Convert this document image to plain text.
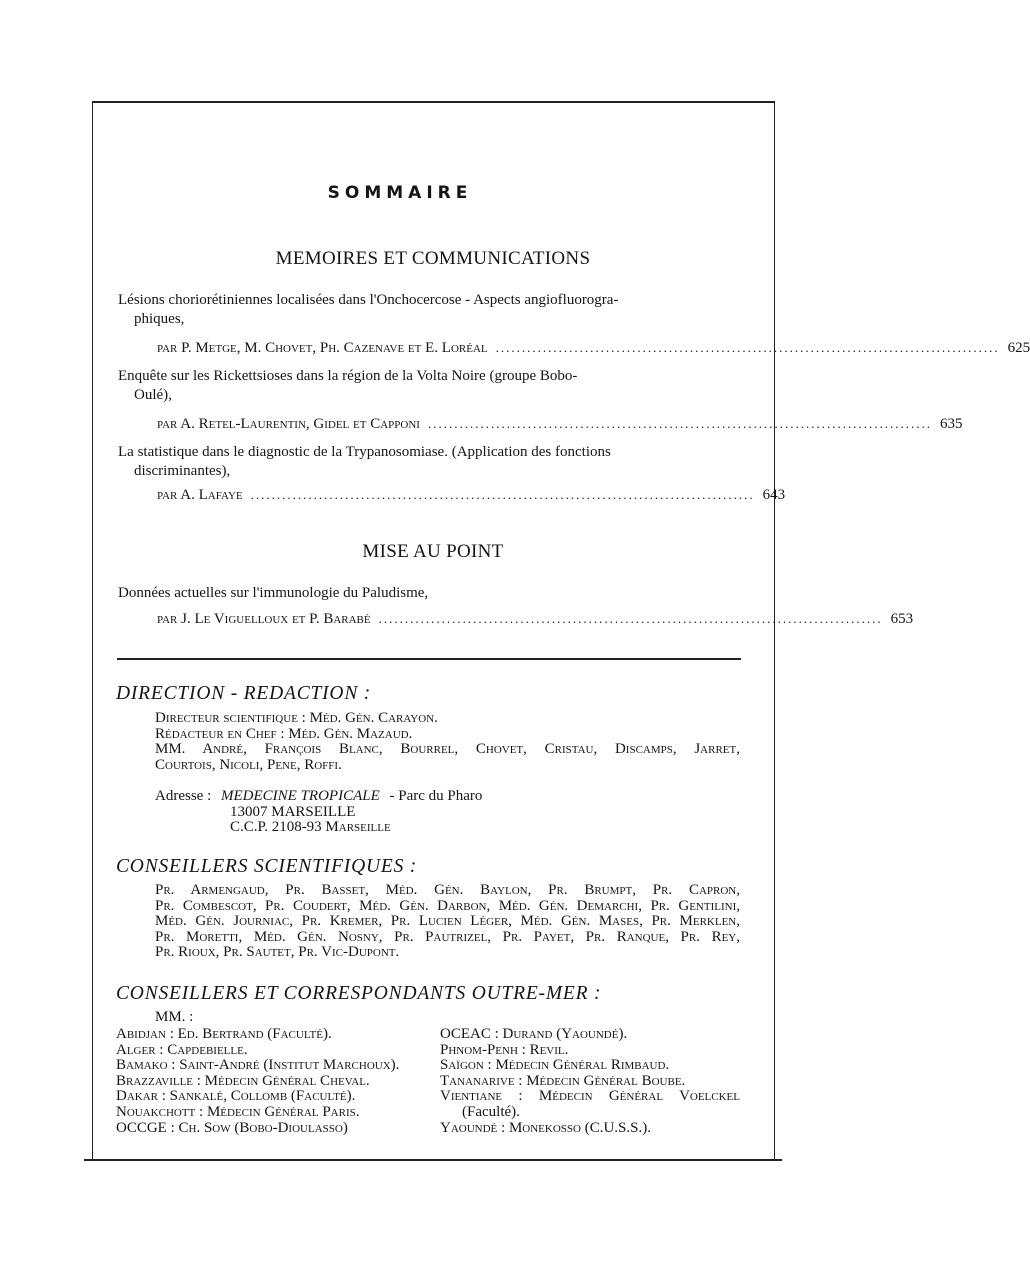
SOMMAIRE
MEMOIRES ET COMMUNICATIONS
Lésions choriorétiniennes localisées dans l'Onchocercose - Aspects angiofluorogra-
phiques,
par P. Metge, M. Chovet, Ph. Cazenave et E. Loréal ................................................................................................ 625
Enquête sur les Rickettsioses dans la région de la Volta Noire (groupe Bobo-
Oulé),
par A. Retel-Laurentin, Gidel et Capponi ................................................................................................ 635
La statistique dans le diagnostic de la Trypanosomiase. (Application des fonctions
discriminantes),
par A. Lafaye ................................................................................................ 643
MISE AU POINT
Données actuelles sur l'immunologie du Paludisme,
par J. Le Viguelloux et P. Barabé ................................................................................................ 653
DIRECTION - REDACTION :
Directeur scientifique : Méd. Gén. Carayon.
Rédacteur en Chef : Méd. Gén. Mazaud.
MM. André, François Blanc, Bourrel, Chovet, Cristau, Discamps, Jarret,
Courtois, Nicoli, Pene, Roffi.
Adresse : MEDECINE TROPICALE - Parc du Pharo
13007 MARSEILLE
C.C.P. 2108-93 Marseille
CONSEILLERS SCIENTIFIQUES :
Pr. Armengaud, Pr. Basset, Méd. Gén. Baylon, Pr. Brumpt, Pr. Capron,
Pr. Combescot, Pr. Coudert, Méd. Gén. Darbon, Méd. Gén. Demarchi, Pr. Gentilini,
Méd. Gén. Journiac, Pr. Kremer, Pr. Lucien Léger, Méd. Gén. Mases, Pr. Merklen,
Pr. Moretti, Méd. Gén. Nosny, Pr. Pautrizel, Pr. Payet, Pr. Ranque, Pr. Rey,
Pr. Rioux, Pr. Sautet, Pr. Vic-Dupont.
CONSEILLERS ET CORRESPONDANTS OUTRE-MER :
MM. :
Abidjan : Ed. Bertrand (Faculté).
Alger : Capdebielle.
Bamako : Saint-André (Institut Marchoux).
Brazzaville : Médecin Général Cheval.
Dakar : Sankalé, Collomb (Faculté).
Nouakchott : Médecin Général Paris.
OCCGE : Ch. Sow (Bobo-Dioulasso)
OCEAC : Durand (Yaoundé).
Phnom-Penh : Revil.
Saïgon : Médecin Général Rimbaud.
Tananarive : Médecin Général Boube.
Vientiane : Médecin Général Voelckel
(Faculté).
Yaoundé : Monekosso (C.U.S.S.).
